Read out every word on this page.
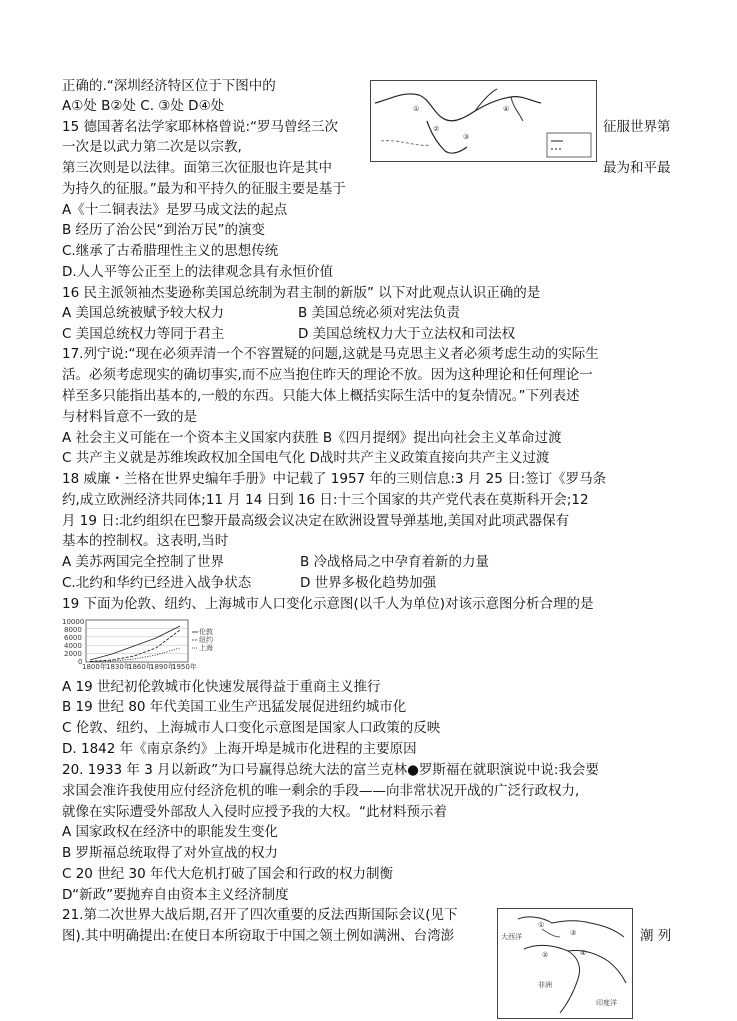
正确的.“深圳经济特区位于下图中的
A①处 B②处 C. ③处 D④处
15 德国著名法学家耶林格曾说:“罗马曾经三次	征服世界第
一次是以武力第二次是以宗教,
第三次则是以法律。面第三次征服也许是其中	最为和平最
为持久的征服。”最为和平持久的征服主要是基于
A《十二铜表法》是罗马成文法的起点
B 经历了治公民“到治万民”的演变
C.继承了古希腊理性主义的思想传统
D.人人平等公正至上的法律观念具有永恒价值
16 民主派领袖杰斐逊称美国总统制为君主制的新版” 以下对此观点认识正确的是
A 美国总统被赋予较大权力	B 美国总统必须对宪法负责
C 美国总统权力等同于君主	D 美国总统权力大于立法权和司法权
17.列宁说:“现在必须弄清一个不容置疑的问题,这就是马克思主义者必须考虑生动的实际生
活。必须考虑现实的确切事实,而不应当抱住昨天的理论不放。因为这种理论和任何理论一
样至多只能指出基本的,一般的东西。只能大体上概括实际生活中的复杂情况。”下列表述
与材料旨意不一致的是
A 社会主义可能在一个资本主义国家内获胜 B《四月提纲》提出向社会主义革命过渡
C 共产主义就是苏维埃政权加全国电气化 D战时共产主义政策直接向共产主义过渡
18 威廉・兰格在世界史编年手册》中记载了 1957 年的三则信息:3 月 25 日:签订《罗马条
约,成立欧洲经济共同体;11 月 14 日到 16 日:十三个国家的共产党代表在莫斯科开会;12
月 19 日:北约组织在巴黎开最高级会议决定在欧洲设置导弹基地,美国对此项武器保有
基本的控制权。这表明,当时
A 美苏两国完全控制了世界	B 冷战格局之中孕育着新的力量
C.北约和华约已经进入战争状态	D 世界多极化趋势加强
19 下面为伦敦、纽约、上海城市人口变化示意图(以千人为单位)对该示意图分析合理的是
A 19 世纪初伦敦城市化快速发展得益于重商主义推行
B 19 世纪 80 年代美国工业生产迅猛发展促进纽约城市化
C 伦敦、纽约、上海城市人口变化示意图是国家人口政策的反映
D. 1842 年《南京条约》上海开埠是城市化进程的主要原因
20. 1933 年 3 月以新政”为口号赢得总统大法的富兰克林●罗斯福在就职演说中说:我会要
求国会准许我使用应付经济危机的唯一剩余的手段——向非常状况开战的广泛行政权力,
就像在实际遭受外部敌人入侵时应授予我的大权。“此材料预示着
A 国家政权在经济中的职能发生变化
B 罗斯福总统取得了对外宣战的权力
C 20 世纪 30 年代大危机打破了国会和行政的权力制衡
D“新政”要抛弃自由资本主义经济制度
21.第二次世界大战后期,召开了四次重要的反法西斯国际会议(见下
图).其中明确提出:在使日本所窃取于中国之领土例如满洲、台湾澎	潮 列
①
②
③
④
10000
8000
6000
4000
2000
0
1800年 1830年
1860年
1890年
1950年
伦敦
纽约
上海
大西洋
非洲
印度洋
①
②
③
④
